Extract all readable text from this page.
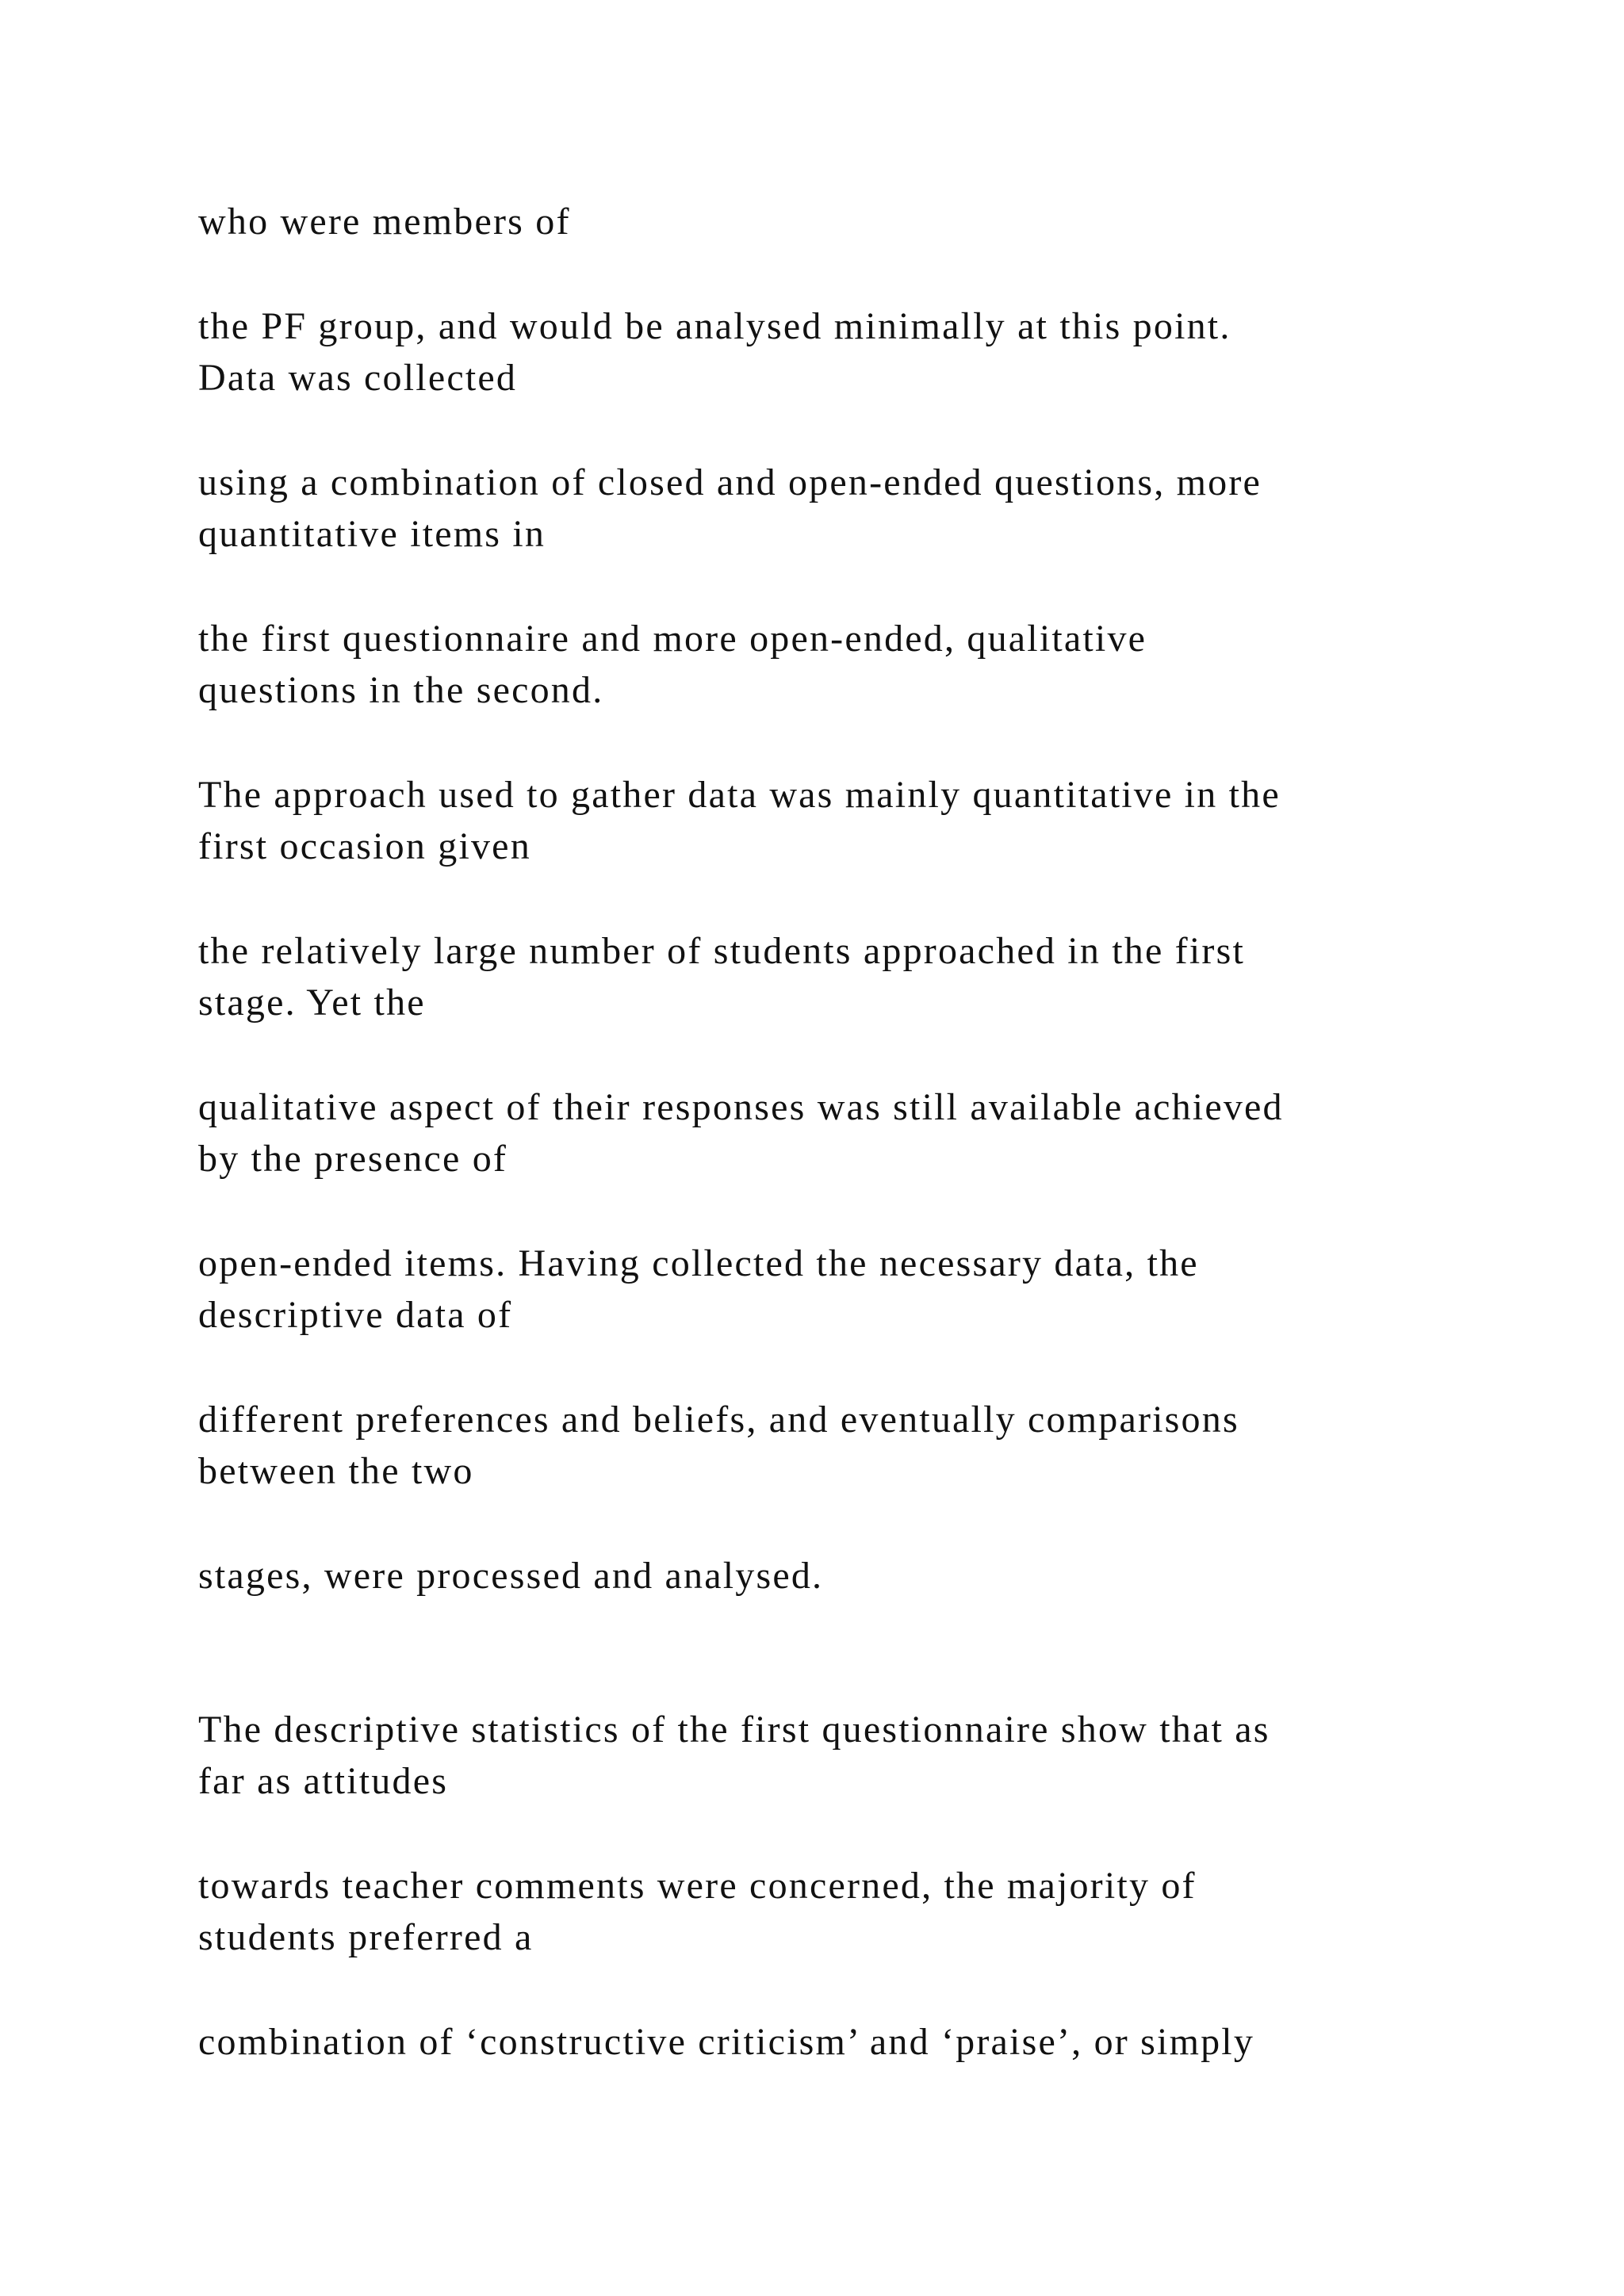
who were members of

the PF group, and would be analysed minimally at this point.

Data was collected

using a combination of closed and open-ended questions, more

quantitative items in

the first questionnaire and more open-ended, qualitative

questions in the second.

The approach used to gather data was mainly quantitative in the

first occasion given

the relatively large number of students approached in the first

stage. Yet the

qualitative aspect of their responses was still available achieved

by the presence of

open-ended items. Having collected the necessary data, the

descriptive data of

different preferences and beliefs, and eventually comparisons

between the two

stages, were processed and analysed.

The descriptive statistics of the first questionnaire show that as

far as attitudes

towards teacher comments were concerned, the majority of

students preferred a

combination of ‘constructive criticism’ and ‘praise’, or simply
